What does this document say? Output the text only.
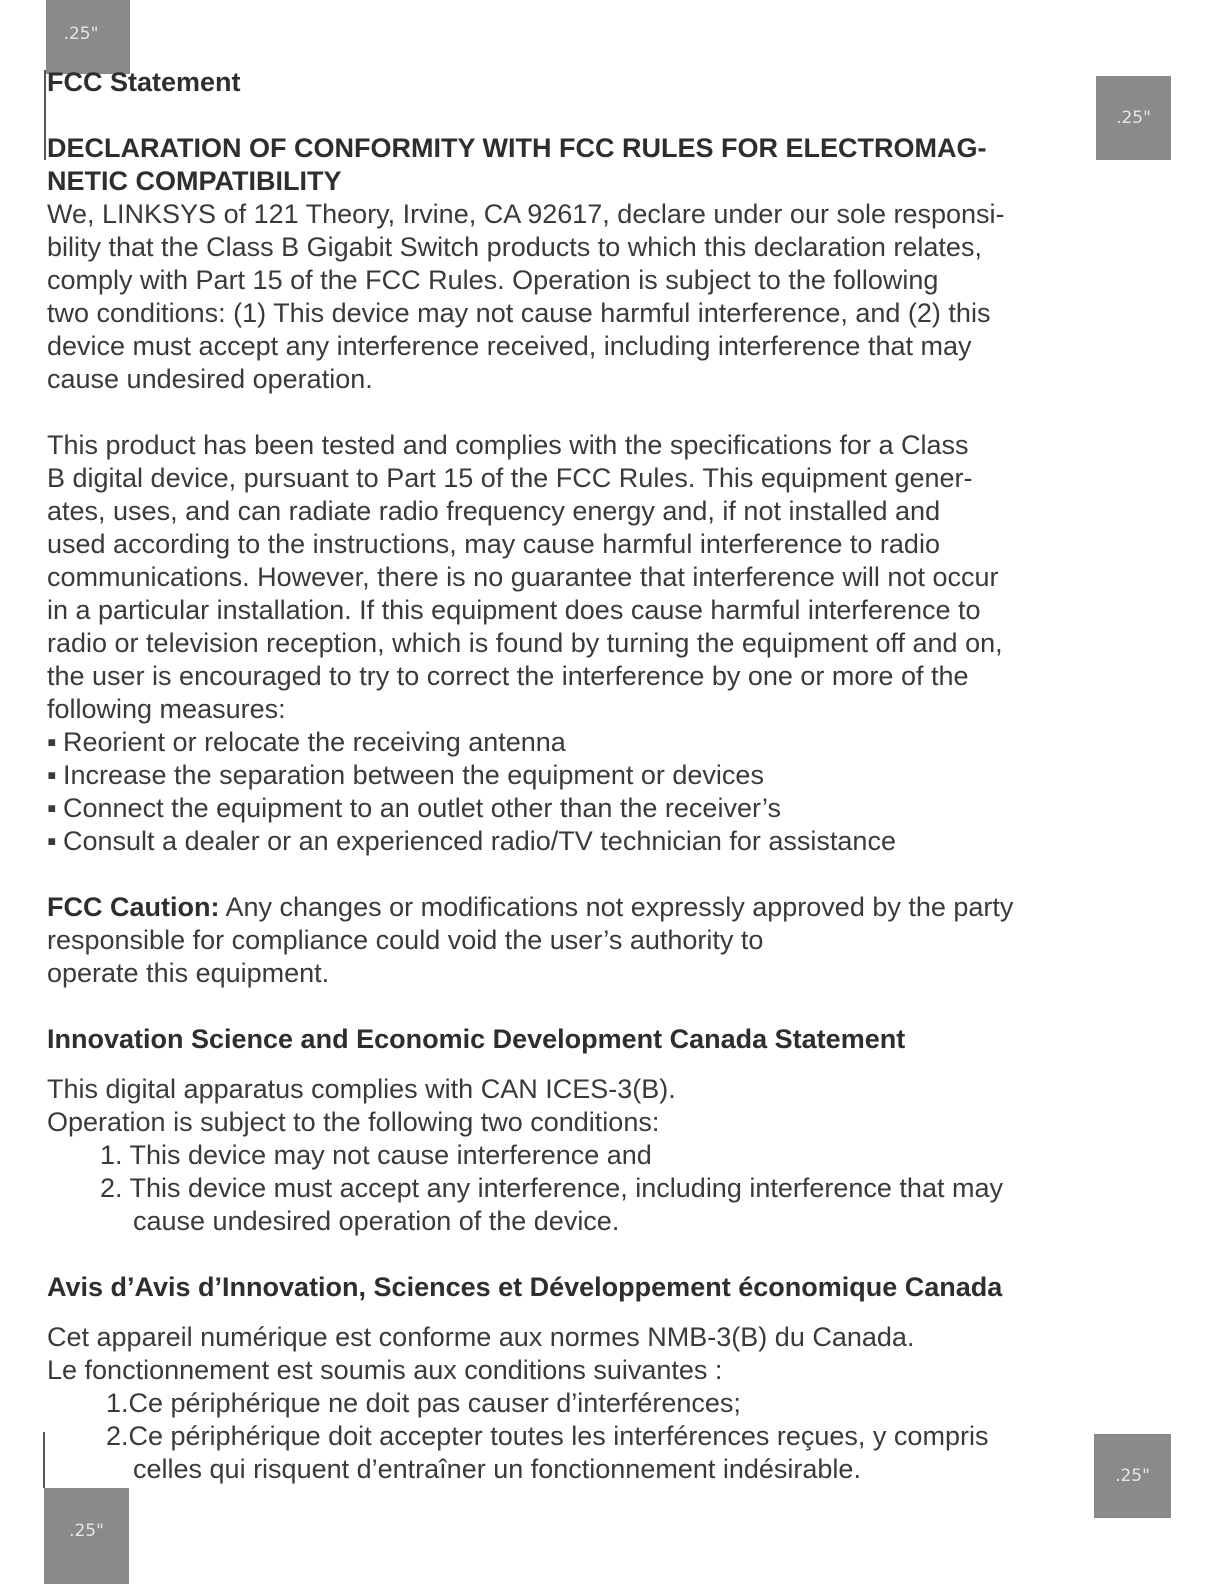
.25"
.25"
.25"
.25"
FCC Statement
DECLARATION OF CONFORMITY WITH FCC RULES FOR ELECTROMAG-
NETIC COMPATIBILITY
We, LINKSYS of 121 Theory, Irvine, CA 92617, declare under our sole responsi-
bility that the Class B Gigabit Switch products to which this declaration relates,
comply with Part 15 of the FCC Rules. Operation is subject to the following
two conditions: (1) This device may not cause harmful interference, and (2) this
device must accept any interference received, including interference that may
cause undesired operation.
This product has been tested and complies with the specifications for a Class
B digital device, pursuant to Part 15 of the FCC Rules. This equipment gener-
ates, uses, and can radiate radio frequency energy and, if not installed and
used according to the instructions, may cause harmful interference to radio
communications. However, there is no guarantee that interference will not occur
in a particular installation. If this equipment does cause harmful interference to
radio or television reception, which is found by turning the equipment off and on,
the user is encouraged to try to correct the interference by one or more of the
following measures:
▪ Reorient or relocate the receiving antenna
▪ Increase the separation between the equipment or devices
▪ Connect the equipment to an outlet other than the receiver’s
▪ Consult a dealer or an experienced radio/TV technician for assistance
FCC Caution: Any changes or modifications not expressly approved by the party
responsible for compliance could void the user’s authority to
operate this equipment.
Innovation Science and Economic Development Canada Statement
This digital apparatus complies with CAN ICES-3(B).
Operation is subject to the following two conditions:
1. This device may not cause interference and
2. This device must accept any interference, including interference that may
cause undesired operation of the device.
Avis d’Avis d’Innovation, Sciences et Développement économique Canada
Cet appareil numérique est conforme aux normes NMB-3(B) du Canada.
Le fonctionnement est soumis aux conditions suivantes :
1.Ce périphérique ne doit pas causer d’interférences;
2.Ce périphérique doit accepter toutes les interférences reçues, y compris
celles qui risquent d’entraîner un fonctionnement indésirable.
